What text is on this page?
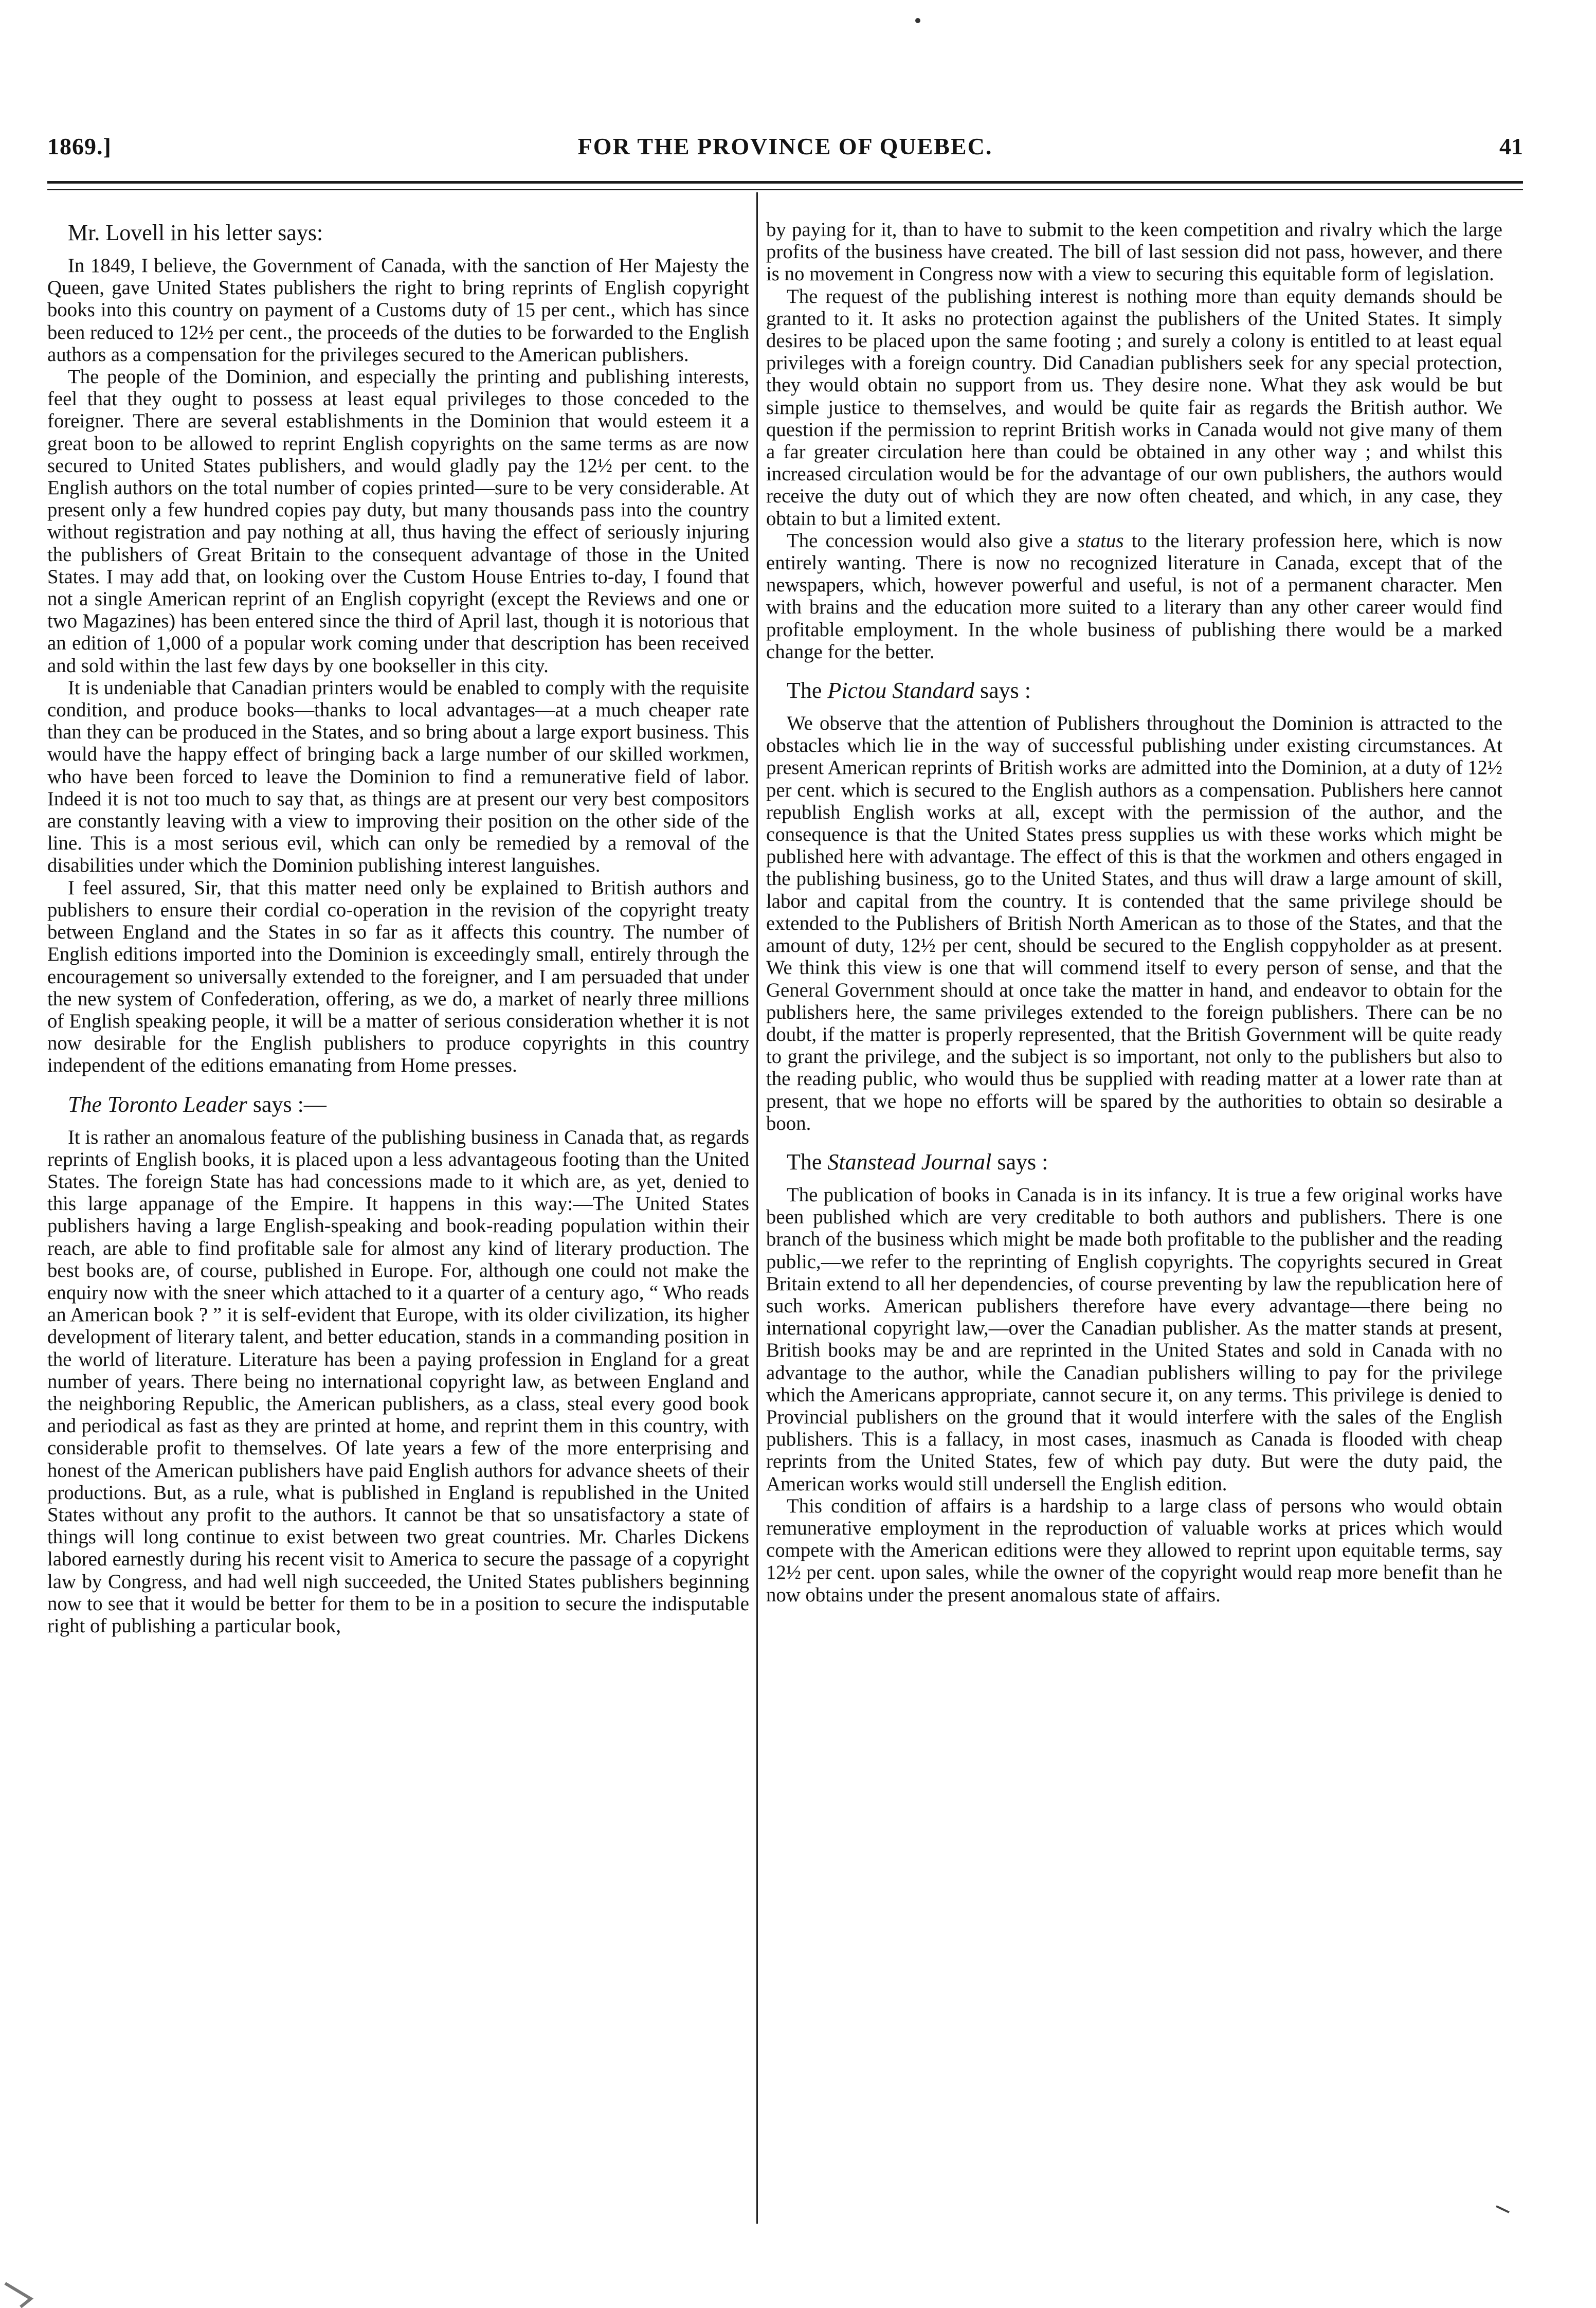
1869.]	FOR THE PROVINCE OF QUEBEC.	41
Mr. Lovell in his letter says:

In 1849, I believe, the Government of Canada, with the sanction of Her Majesty the Queen, gave United States publishers the right to bring reprints of English copyright books into this country on payment of a Customs duty of 15 per cent., which has since been reduced to 12½ per cent., the proceeds of the duties to be forwarded to the English authors as a compensation for the privileges secured to the American publishers.

The people of the Dominion, and especially the printing and publishing interests, feel that they ought to possess at least equal privileges to those conceded to the foreigner. There are several establishments in the Dominion that would esteem it a great boon to be allowed to reprint English copyrights on the same terms as are now secured to United States publishers, and would gladly pay the 12½ per cent. to the English authors on the total number of copies printed—sure to be very considerable. At present only a few hundred copies pay duty, but many thousands pass into the country without registration and pay nothing at all, thus having the effect of seriously injuring the publishers of Great Britain to the consequent advantage of those in the United States. I may add that, on looking over the Custom House Entries to-day, I found that not a single American reprint of an English copyright (except the Reviews and one or two Magazines) has been entered since the third of April last, though it is notorious that an edition of 1,000 of a popular work coming under that description has been received and sold within the last few days by one bookseller in this city.

It is undeniable that Canadian printers would be enabled to comply with the requisite condition, and produce books—thanks to local advantages—at a much cheaper rate than they can be produced in the States, and so bring about a large export business. This would have the happy effect of bringing back a large number of our skilled workmen, who have been forced to leave the Dominion to find a remunerative field of labor. Indeed it is not too much to say that, as things are at present our very best compositors are constantly leaving with a view to improving their position on the other side of the line. This is a most serious evil, which can only be remedied by a removal of the disabilities under which the Dominion publishing interest languishes.

I feel assured, Sir, that this matter need only be explained to British authors and publishers to ensure their cordial co-operation in the revision of the copyright treaty between England and the States in so far as it affects this country. The number of English editions imported into the Dominion is exceedingly small, entirely through the encouragement so universally extended to the foreigner, and I am persuaded that under the new system of Confederation, offering, as we do, a market of nearly three millions of English speaking people, it will be a matter of serious consideration whether it is not now desirable for the English publishers to produce copyrights in this country independent of the editions emanating from Home presses.

The Toronto Leader says :—

It is rather an anomalous feature of the publishing business in Canada that, as regards reprints of English books, it is placed upon a less advantageous footing than the United States. The foreign State has had concessions made to it which are, as yet, denied to this large appanage of the Empire. It happens in this way:—The United States publishers having a large English-speaking and book-reading population within their reach, are able to find profitable sale for almost any kind of literary production. The best books are, of course, published in Europe. For, although one could not make the enquiry now with the sneer which attached to it a quarter of a century ago, “ Who reads an American book ? ” it is self-evident that Europe, with its older civilization, its higher development of literary talent, and better education, stands in a commanding position in the world of literature. Literature has been a paying profession in England for a great number of years. There being no international copyright law, as between England and the neighboring Republic, the American publishers, as a class, steal every good book and periodical as fast as they are printed at home, and reprint them in this country, with considerable profit to themselves. Of late years a few of the more enterprising and honest of the American publishers have paid English authors for advance sheets of their productions. But, as a rule, what is published in England is republished in the United States without any profit to the authors. It cannot be that so unsatisfactory a state of things will long continue to exist between two great countries. Mr. Charles Dickens labored earnestly during his recent visit to America to secure the passage of a copyright law by Congress, and had well nigh succeeded, the United States publishers beginning now to see that it would be better for them to be in a position to secure the indisputable right of publishing a particular book,

by paying for it, than to have to submit to the keen competition and rivalry which the large profits of the business have created. The bill of last session did not pass, however, and there is no movement in Congress now with a view to securing this equitable form of legislation.

The request of the publishing interest is nothing more than equity demands should be granted to it. It asks no protection against the publishers of the United States. It simply desires to be placed upon the same footing ; and surely a colony is entitled to at least equal privileges with a foreign country. Did Canadian publishers seek for any special protection, they would obtain no support from us. They desire none. What they ask would be but simple justice to themselves, and would be quite fair as regards the British author. We question if the permission to reprint British works in Canada would not give many of them a far greater circulation here than could be obtained in any other way ; and whilst this increased circulation would be for the advantage of our own publishers, the authors would receive the duty out of which they are now often cheated, and which, in any case, they obtain to but a limited extent.

The concession would also give a status to the literary profession here, which is now entirely wanting. There is now no recognized literature in Canada, except that of the newspapers, which, however powerful and useful, is not of a permanent character. Men with brains and the education more suited to a literary than any other career would find profitable employment. In the whole business of publishing there would be a marked change for the better.

The Pictou Standard says :

We observe that the attention of Publishers throughout the Dominion is attracted to the obstacles which lie in the way of successful publishing under existing circumstances. At present American reprints of British works are admitted into the Dominion, at a duty of 12½ per cent. which is secured to the English authors as a compensation. Publishers here cannot republish English works at all, except with the permission of the author, and the consequence is that the United States press supplies us with these works which might be published here with advantage. The effect of this is that the workmen and others engaged in the publishing business, go to the United States, and thus will draw a large amount of skill, labor and capital from the country. It is contended that the same privilege should be extended to the Publishers of British North American as to those of the States, and that the amount of duty, 12½ per cent, should be secured to the English coppyholder as at present. We think this view is one that will commend itself to every person of sense, and that the General Government should at once take the matter in hand, and endeavor to obtain for the publishers here, the same privileges extended to the foreign publishers. There can be no doubt, if the matter is properly represented, that the British Government will be quite ready to grant the privilege, and the subject is so important, not only to the publishers but also to the reading public, who would thus be supplied with reading matter at a lower rate than at present, that we hope no efforts will be spared by the authorities to obtain so desirable a boon.

The Stanstead Journal says :

The publication of books in Canada is in its infancy. It is true a few original works have been published which are very creditable to both authors and publishers. There is one branch of the business which might be made both profitable to the publisher and the reading public,—we refer to the reprinting of English copyrights. The copyrights secured in Great Britain extend to all her dependencies, of course preventing by law the republication here of such works. American publishers therefore have every advantage—there being no international copyright law,—over the Canadian publisher. As the matter stands at present, British books may be and are reprinted in the United States and sold in Canada with no advantage to the author, while the Canadian publishers willing to pay for the privilege which the Americans appropriate, cannot secure it, on any terms. This privilege is denied to Provincial publishers on the ground that it would interfere with the sales of the English publishers. This is a fallacy, in most cases, inasmuch as Canada is flooded with cheap reprints from the United States, few of which pay duty. But were the duty paid, the American works would still undersell the English edition.

This condition of affairs is a hardship to a large class of persons who would obtain remunerative employment in the reproduction of valuable works at prices which would compete with the American editions were they allowed to reprint upon equitable terms, say 12½ per cent. upon sales, while the owner of the copyright would reap more benefit than he now obtains under the present anomalous state of affairs.
